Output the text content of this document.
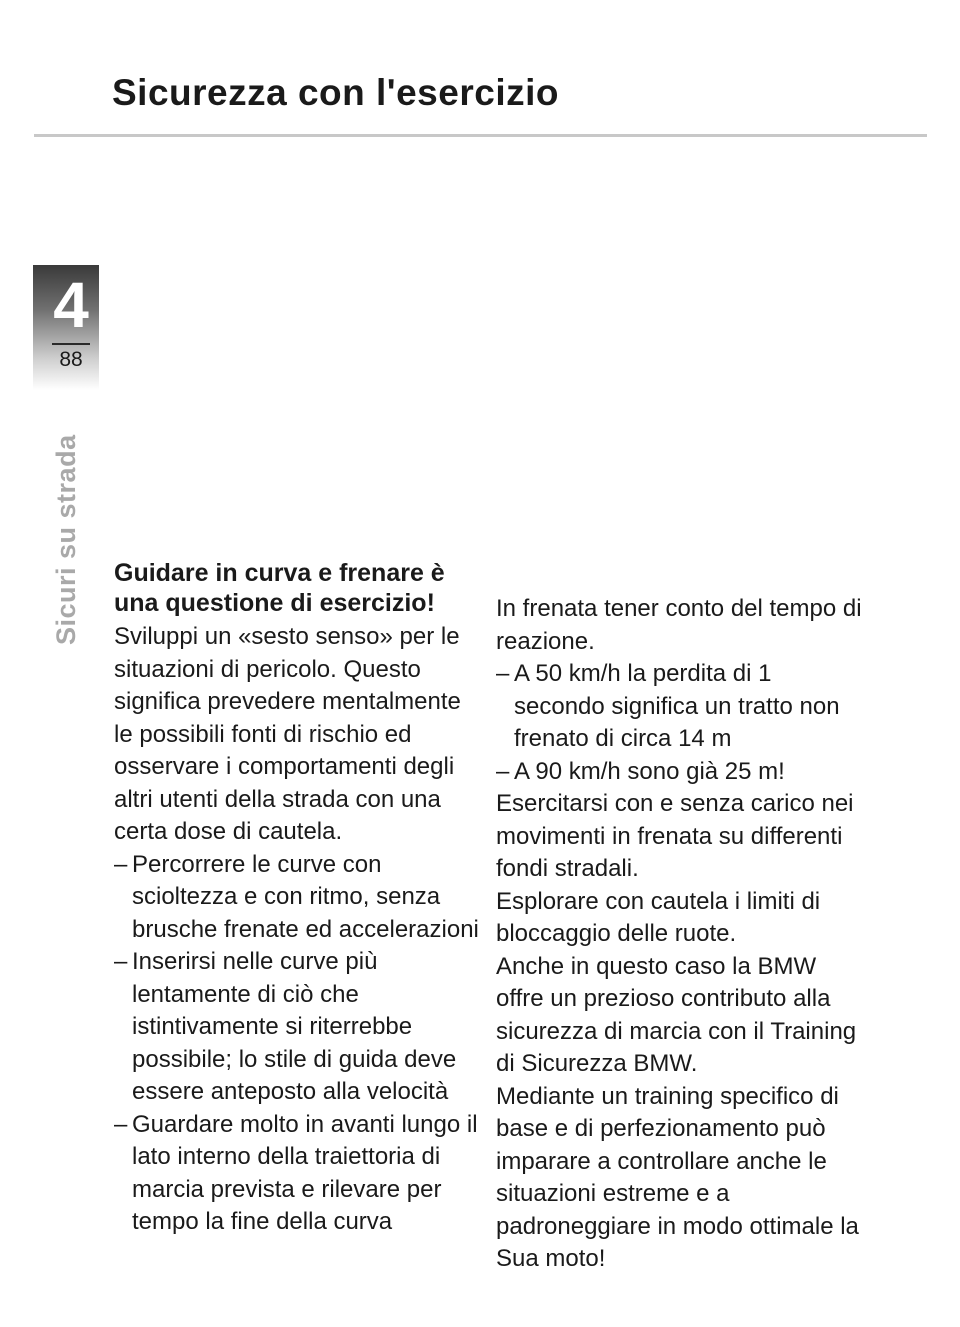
Sicurezza con l'esercizio
4
88
Sicuri su strada Guidare in curva e frenare è una questione di esercizio!

Sviluppi un «sesto senso» per le situazioni di pericolo. Questo significa prevedere mentalmente le possibili fonti di rischio ed osservare i comportamenti degli altri utenti della strada con una certa dose di cautela.

– Percorrere le curve con scioltezza e con ritmo, senza brusche frenate ed accelerazioni
– Inserirsi nelle curve più lentamente di ciò che istintivamente si riterrebbe possibile; lo stile di guida deve essere anteposto alla velocità
– Guardare molto in avanti lungo il lato interno della traiettoria di marcia prevista e rilevare per tempo la fine della curva

In frenata tener conto del tempo di reazione.

– A 50 km/h la perdita di 1 secondo significa un tratto non frenato di circa 14 m
– A 90 km/h sono già 25 m!

Esercitarsi con e senza carico nei movimenti in frenata su differenti fondi stradali.

Esplorare con cautela i limiti di bloccaggio delle ruote.

Anche in questo caso la BMW offre un prezioso contributo alla sicurezza di marcia con il Training di Sicurezza BMW.

Mediante un training specifico di base e di perfezionamento può imparare a controllare anche le situazioni estreme e a padroneggiare in modo ottimale la Sua moto!
